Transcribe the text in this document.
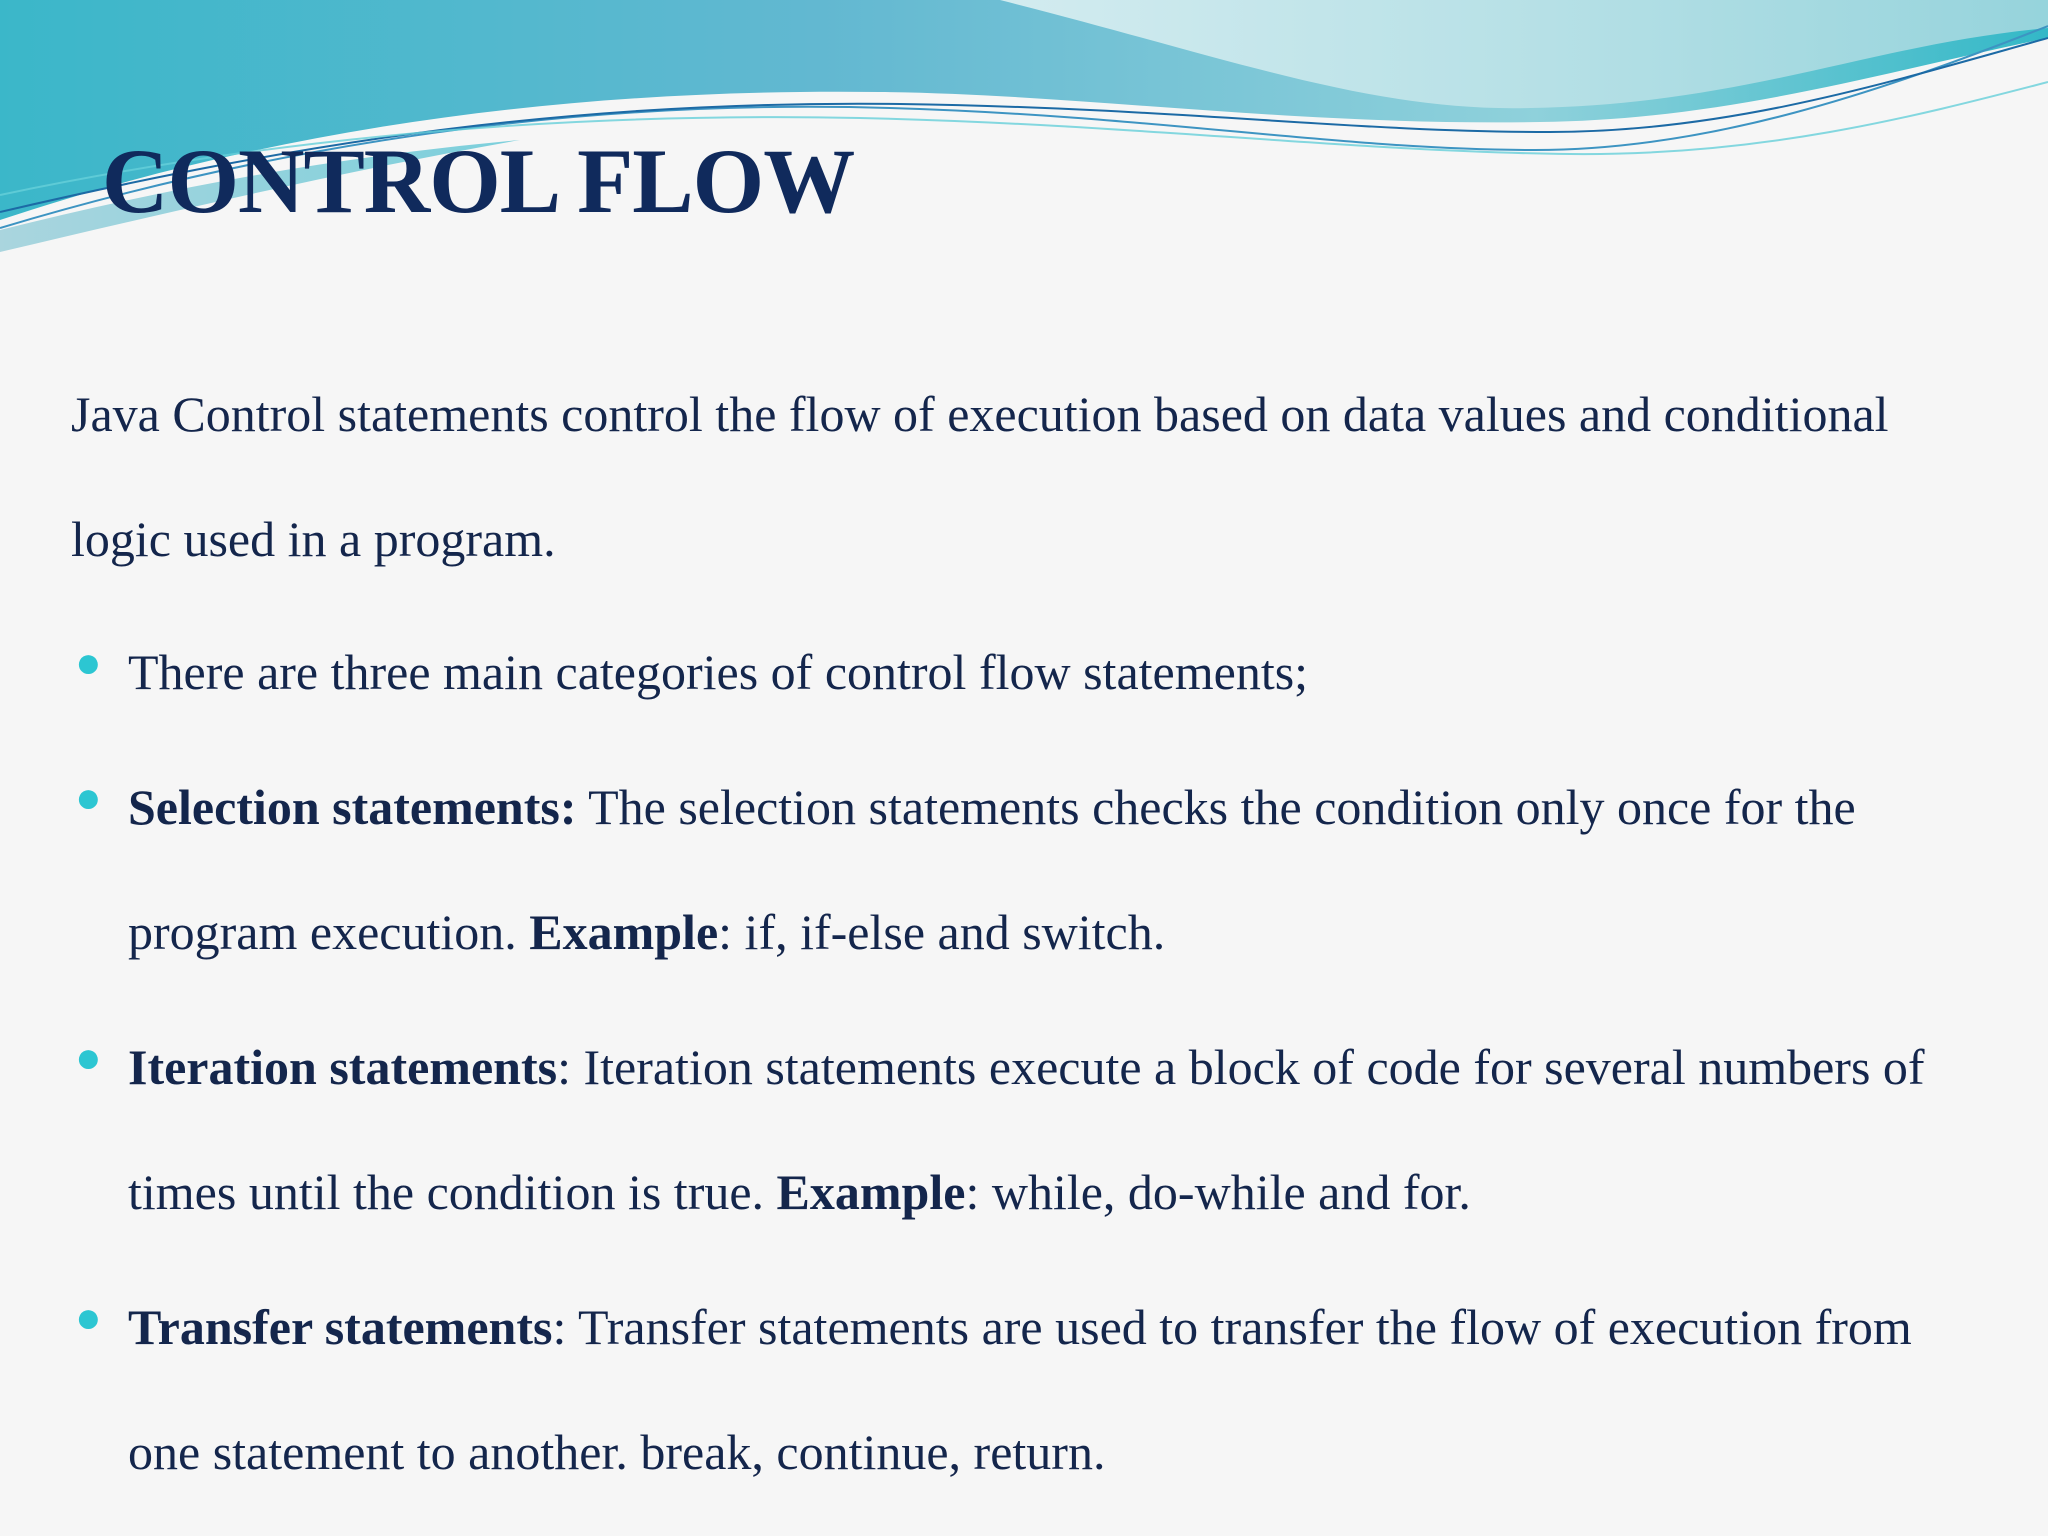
CONTROL FLOW

Java Control statements control the flow of execution based on data values and conditional logic used in a program.

● There are three main categories of control flow statements;
● Selection statements: The selection statements checks the condition only once for the program execution. Example: if, if-else and switch.
● Iteration statements: Iteration statements execute a block of code for several numbers of times until the condition is true. Example: while, do-while and for.
● Transfer statements: Transfer statements are used to transfer the flow of execution from one statement to another. break, continue, return.
